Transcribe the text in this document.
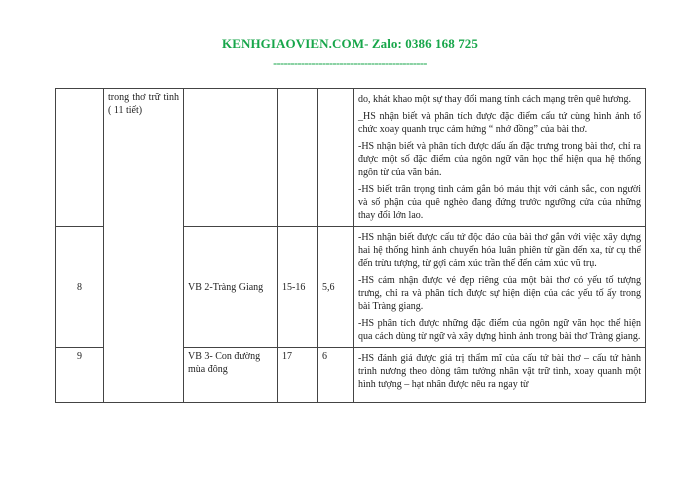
KENHGIAOVIEN.COM- Zalo: 0386 168 725
--------------------------------------------

	trong thơ trữ tình ( 11 tiết)				do, khát khao một sự thay đổi mang tính cách mạng trên quê hương.
_HS nhận biết và phân tích được đặc điểm cấu tứ cùng hình ảnh tổ chức xoay quanh trục cảm hứng “ nhớ đồng” của bài thơ.
-HS nhận biết và phân tích được dấu ấn đặc trưng trong bài thơ, chỉ ra được một số đặc điểm của ngôn ngữ văn học thể hiện qua hệ thống ngôn từ của văn bản.
-HS biết trân trọng tình cảm gắn bó máu thịt với cảnh sắc, con người và số phận của quê nghèo đang đứng trước ngưỡng cửa của những thay đổi lớn lao.

8		VB 2-Tràng Giang	15-16	5,6	-HS nhận biết được cấu tứ độc đáo của bài thơ gắn với việc xây dựng hai hệ thống hình ảnh chuyển hóa luân phiên từ gần đến xa, từ cụ thể đến trừu tượng, từ gợi cảm xúc trần thế đến cảm xúc vũ trụ.
-HS cảm nhận được vẻ đẹp riêng của một bài thơ có yếu tố tượng trưng, chỉ ra và phân tích được sự hiện diện của các yếu tố ấy trong bài Tràng giang.
-HS phân tích được những đặc điểm của ngôn ngữ văn học thể hiện qua cách dùng từ ngữ và xây dựng hình ảnh trong bài thơ Tràng giang.

9		VB 3- Con đường mùa đông	17	6	-HS đánh giá được giá trị thẩm mĩ của cấu tứ bài thơ – cấu tứ hành trình nương theo dòng tâm tưởng nhân vật trữ tình, xoay quanh một hình tượng – hạt nhân được nêu ra ngay từ
